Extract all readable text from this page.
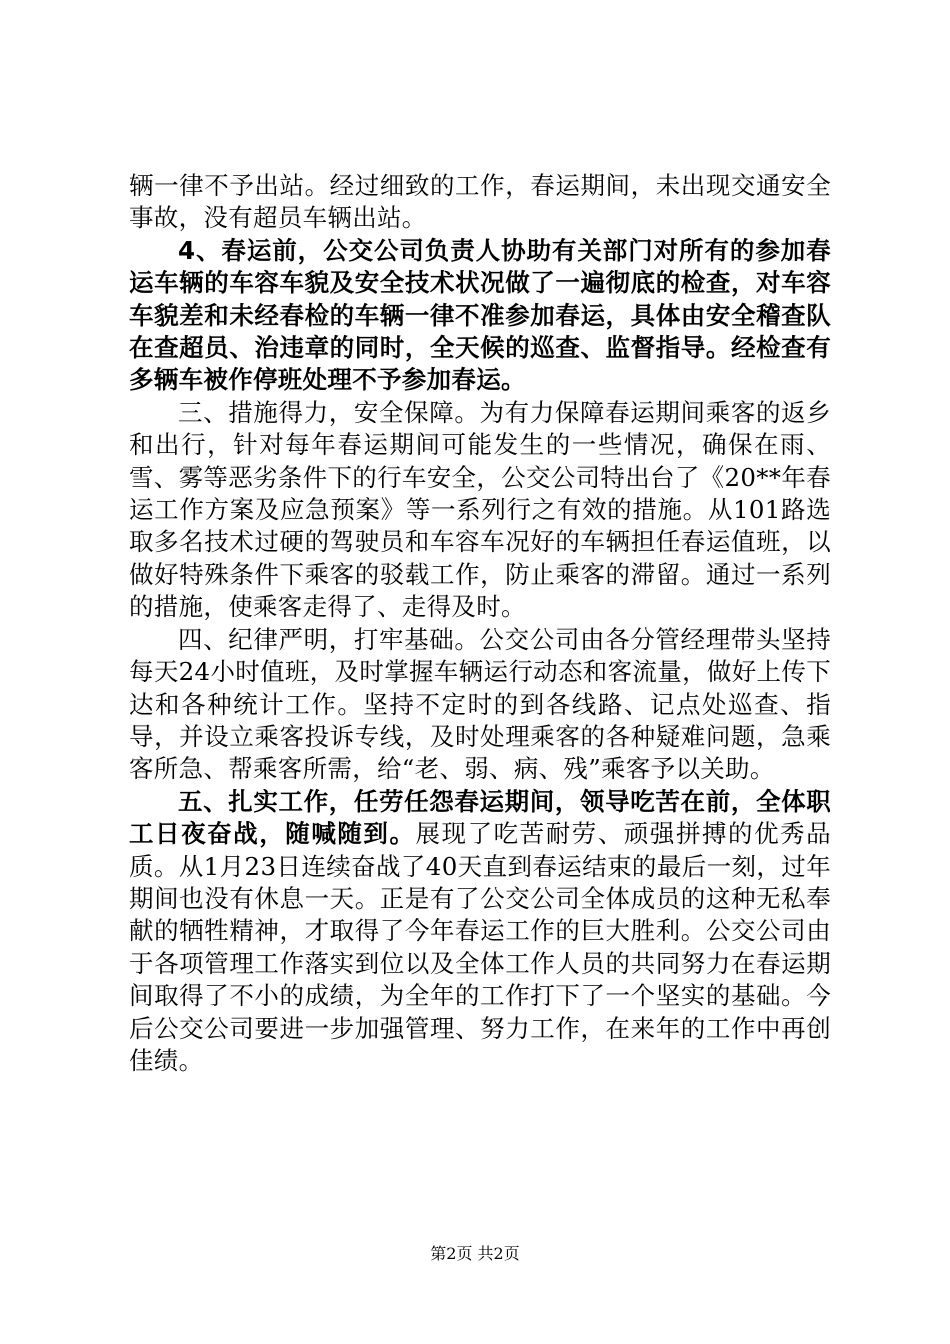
辆一律不予出站。经过细致的工作，春运期间，未出现交通安全事故，没有超员车辆出站。

4、春运前，公交公司负责人协助有关部门对所有的参加春运车辆的车容车貌及安全技术状况做了一遍彻底的检查，对车容车貌差和未经春检的车辆一律不准参加春运，具体由安全稽查队在查超员、治违章的同时，全天候的巡查、监督指导。经检查有多辆车被作停班处理不予参加春运。

三、措施得力，安全保障。为有力保障春运期间乘客的返乡和出行，针对每年春运期间可能发生的一些情况，确保在雨、雪、雾等恶劣条件下的行车安全，公交公司特出台了《20**年春运工作方案及应急预案》等一系列行之有效的措施。从101路选取多名技术过硬的驾驶员和车容车况好的车辆担任春运值班，以做好特殊条件下乘客的驳载工作，防止乘客的滞留。通过一系列的措施，使乘客走得了、走得及时。

四、纪律严明，打牢基础。公交公司由各分管经理带头坚持每天24小时值班，及时掌握车辆运行动态和客流量，做好上传下达和各种统计工作。坚持不定时的到各线路、记点处巡查、指导，并设立乘客投诉专线，及时处理乘客的各种疑难问题，急乘客所急、帮乘客所需，给“老、弱、病、残”乘客予以关助。

五、扎实工作，任劳任怨春运期间，领导吃苦在前，全体职工日夜奋战，随喊随到。展现了吃苦耐劳、顽强拼搏的优秀品质。从1月23日连续奋战了40天直到春运结束的最后一刻，过年期间也没有休息一天。正是有了公交公司全体成员的这种无私奉献的牺牲精神，才取得了今年春运工作的巨大胜利。公交公司由于各项管理工作落实到位以及全体工作人员的共同努力在春运期间取得了不小的成绩，为全年的工作打下了一个坚实的基础。今后公交公司要进一步加强管理、努力工作，在来年的工作中再创佳绩。

第2页 共2页
